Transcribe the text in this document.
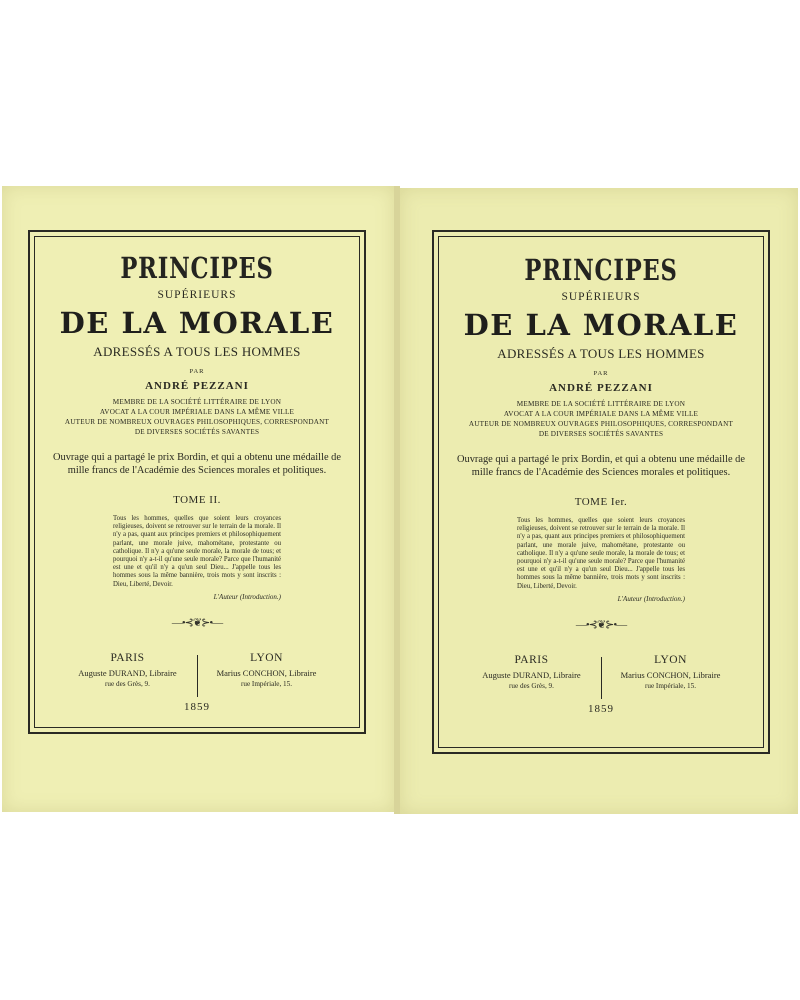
PRINCIPES
SUPÉRIEURS
DE LA MORALE
ADRESSÉS A TOUS LES HOMMES
PAR
ANDRÉ PEZZANI
MEMBRE DE LA SOCIÉTÉ LITTÉRAIRE DE LYON
AVOCAT A LA COUR IMPÉRIALE DANS LA MÊME VILLE
AUTEUR DE NOMBREUX OUVRAGES PHILOSOPHIQUES, CORRESPONDANT
DE DIVERSES SOCIÉTÉS SAVANTES
Ouvrage qui a partagé le prix Bordin, et qui a obtenu une médaille de
mille francs de l'Académie des Sciences morales et politiques.
TOME II.
Tous les hommes, quelles que soient leurs croyances religieuses, doivent se retrouver sur le terrain de la morale. Il n'y a pas, quant aux principes premiers et philosophiquement parlant, une morale juive, mahométane, protestante ou catholique. Il n'y a qu'une seule morale, la morale de tous; et pourquoi n'y a-t-il qu'une seule morale? Parce que l'humanité est une et qu'il n'y a qu'un seul Dieu... J'appelle tous les hommes sous la même bannière, trois mots y sont inscrits : Dieu, Liberté, Devoir.
L'Auteur (Introduction.)
—•⊰❦⊱•—
PARIS
Auguste DURAND, Libraire
rue des Grès, 9.
LYON
Marius CONCHON, Libraire
rue Impériale, 15.
1859
PRINCIPES
SUPÉRIEURS
DE LA MORALE
ADRESSÉS A TOUS LES HOMMES
PAR
ANDRÉ PEZZANI
MEMBRE DE LA SOCIÉTÉ LITTÉRAIRE DE LYON
AVOCAT A LA COUR IMPÉRIALE DANS LA MÊME VILLE
AUTEUR DE NOMBREUX OUVRAGES PHILOSOPHIQUES, CORRESPONDANT
DE DIVERSES SOCIÉTÉS SAVANTES
Ouvrage qui a partagé le prix Bordin, et qui a obtenu une médaille de
mille francs de l'Académie des Sciences morales et politiques.
TOME Ier.
Tous les hommes, quelles que soient leurs croyances religieuses, doivent se retrouver sur le terrain de la morale. Il n'y a pas, quant aux principes premiers et philosophiquement parlant, une morale juive, mahométane, protestante ou catholique. Il n'y a qu'une seule morale, la morale de tous; et pourquoi n'y a-t-il qu'une seule morale? Parce que l'humanité est une et qu'il n'y a qu'un seul Dieu... J'appelle tous les hommes sous la même bannière, trois mots y sont inscrits : Dieu, Liberté, Devoir.
L'Auteur (Introduction.)
—•⊰❦⊱•—
PARIS
Auguste DURAND, Libraire
rue des Grès, 9.
LYON
Marius CONCHON, Libraire
rue Impériale, 15.
1859
